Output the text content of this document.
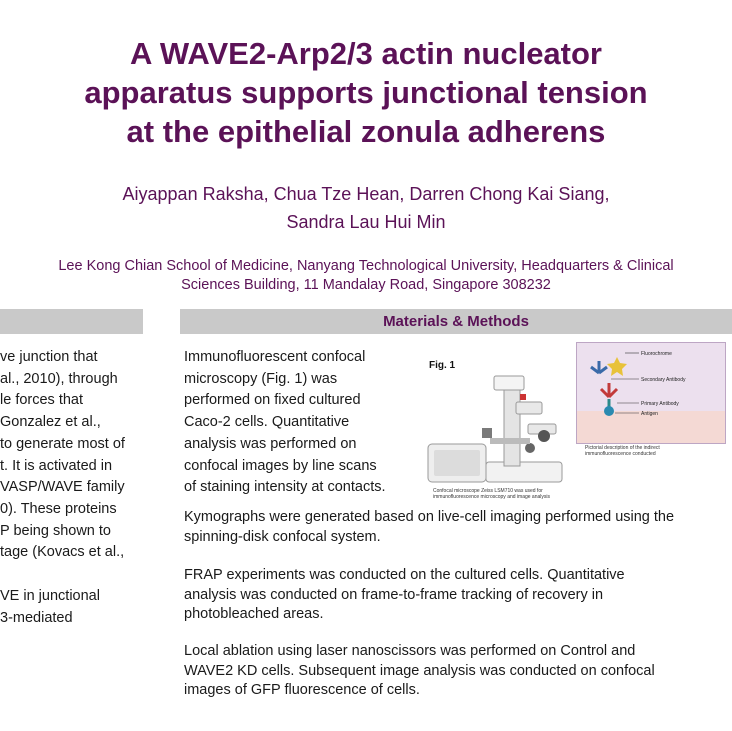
A WAVE2-Arp2/3 actin nucleator
apparatus supports junctional tension
at the epithelial zonula adherens
Aiyappan Raksha, Chua Tze Hean, Darren Chong Kai Siang,
Sandra Lau Hui Min
Lee Kong Chian School of Medicine, Nanyang Technological University, Headquarters & Clinical
Sciences Building, 11 Mandalay Road, Singapore 308232
Materials & Methods
ve junction that
al., 2010), through
le forces that
Gonzalez et al.,
to generate most of
t. It is activated in
VASP/WAVE family
0). These proteins
P being shown to
tage (Kovacs et al.,
VE in junctional
3-mediated
Immunofluorescent confocal
microscopy (Fig. 1) was
performed on fixed cultured
Caco-2 cells. Quantitative
analysis was performed on
confocal images by line scans
of staining intensity at contacts.
Fig. 1
Confocal microscope Zeiss LSM710 was used for
immunofluorescence microscopy and image analysis
Fluorochrome
Secondary Antibody
Primary Antibody
Antigen
Pictorial description of the indirect
immunofluorescence conducted
Kymographs were generated based on live-cell imaging performed using the
spinning-disk confocal system.
FRAP experiments was conducted on the cultured cells. Quantitative
analysis was conducted on frame-to-frame tracking of recovery in
photobleached areas.
Local ablation using laser nanoscissors was performed on Control and
WAVE2 KD cells. Subsequent image analysis was conducted on confocal
images of GFP fluorescence of cells.
